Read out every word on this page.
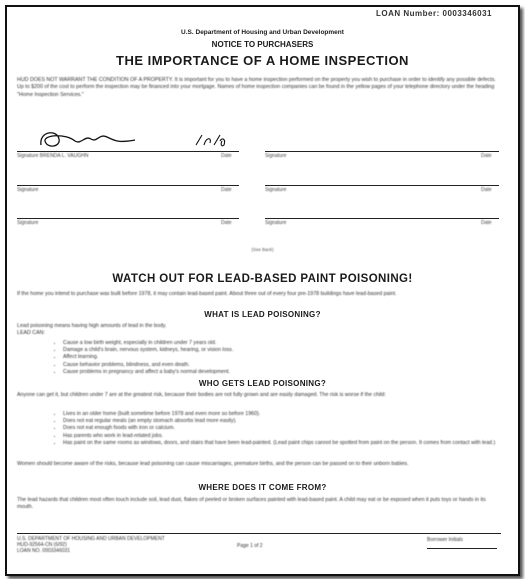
LOAN Number: 0003346031
U.S. Department of Housing and Urban Development
NOTICE TO PURCHASERS
THE IMPORTANCE OF A HOME INSPECTION
HUD DOES NOT WARRANT THE CONDITION OF A PROPERTY. It is important for you to have a home inspection performed on the property you wish to purchase in order to identify any possible defects. Up to $200 of the cost to perform the inspection may be financed into your mortgage. Names of home inspection companies can be found in the yellow pages of your telephone directory under the heading "Home Inspection Services."
Signature BRENDA L. VAUGHN	Date	Signature	Date
Signature	Date	Signature	Date
Signature	Date	Signature	Date
(See Back)
WATCH OUT FOR LEAD-BASED PAINT POISONING!
If the home you intend to purchase was built before 1978, it may contain lead-based paint. About three out of every four pre-1978 buildings have lead-based paint.
WHAT IS LEAD POISONING?
Lead poisoning means having high amounts of lead in the body.
LEAD CAN:
• Cause a low birth weight, especially in children under 7 years old.
• Damage a child's brain, nervous system, kidneys, hearing, or vision loss.
• Affect learning.
• Cause behavior problems, blindness, and even death.
• Cause problems in pregnancy and affect a baby's normal development.
WHO GETS LEAD POISONING?
Anyone can get it, but children under 7 are at the greatest risk, because their bodies are not fully grown and are easily damaged. The risk is worse if the child:
• Lives in an older home (built sometime before 1978 and even more so before 1960).
• Does not eat regular meals (an empty stomach absorbs lead more easily).
• Does not eat enough foods with iron or calcium.
• Has parents who work in lead-related jobs.
• Has paint on the same rooms as windows, doors, and stairs that have been lead-painted. (Lead paint chips cannot be spotted from paint on the person. It comes from contact with lead.)
Women should become aware of the risks, because lead poisoning can cause miscarriages, premature births, and the person can be passed on to their unborn babies.
WHERE DOES IT COME FROM?
The lead hazards that children most often touch include soil, lead dust, flakes of peeled or broken surfaces painted with lead-based paint. A child may eat or be exposed when it puts toys or hands in its mouth.
U.S. DEPARTMENT OF HOUSING AND URBAN DEVELOPMENT
HUD-92564-CN (6/92)
LOAN NO. 0003346031
Page 1 of 2
Borrower Initials
